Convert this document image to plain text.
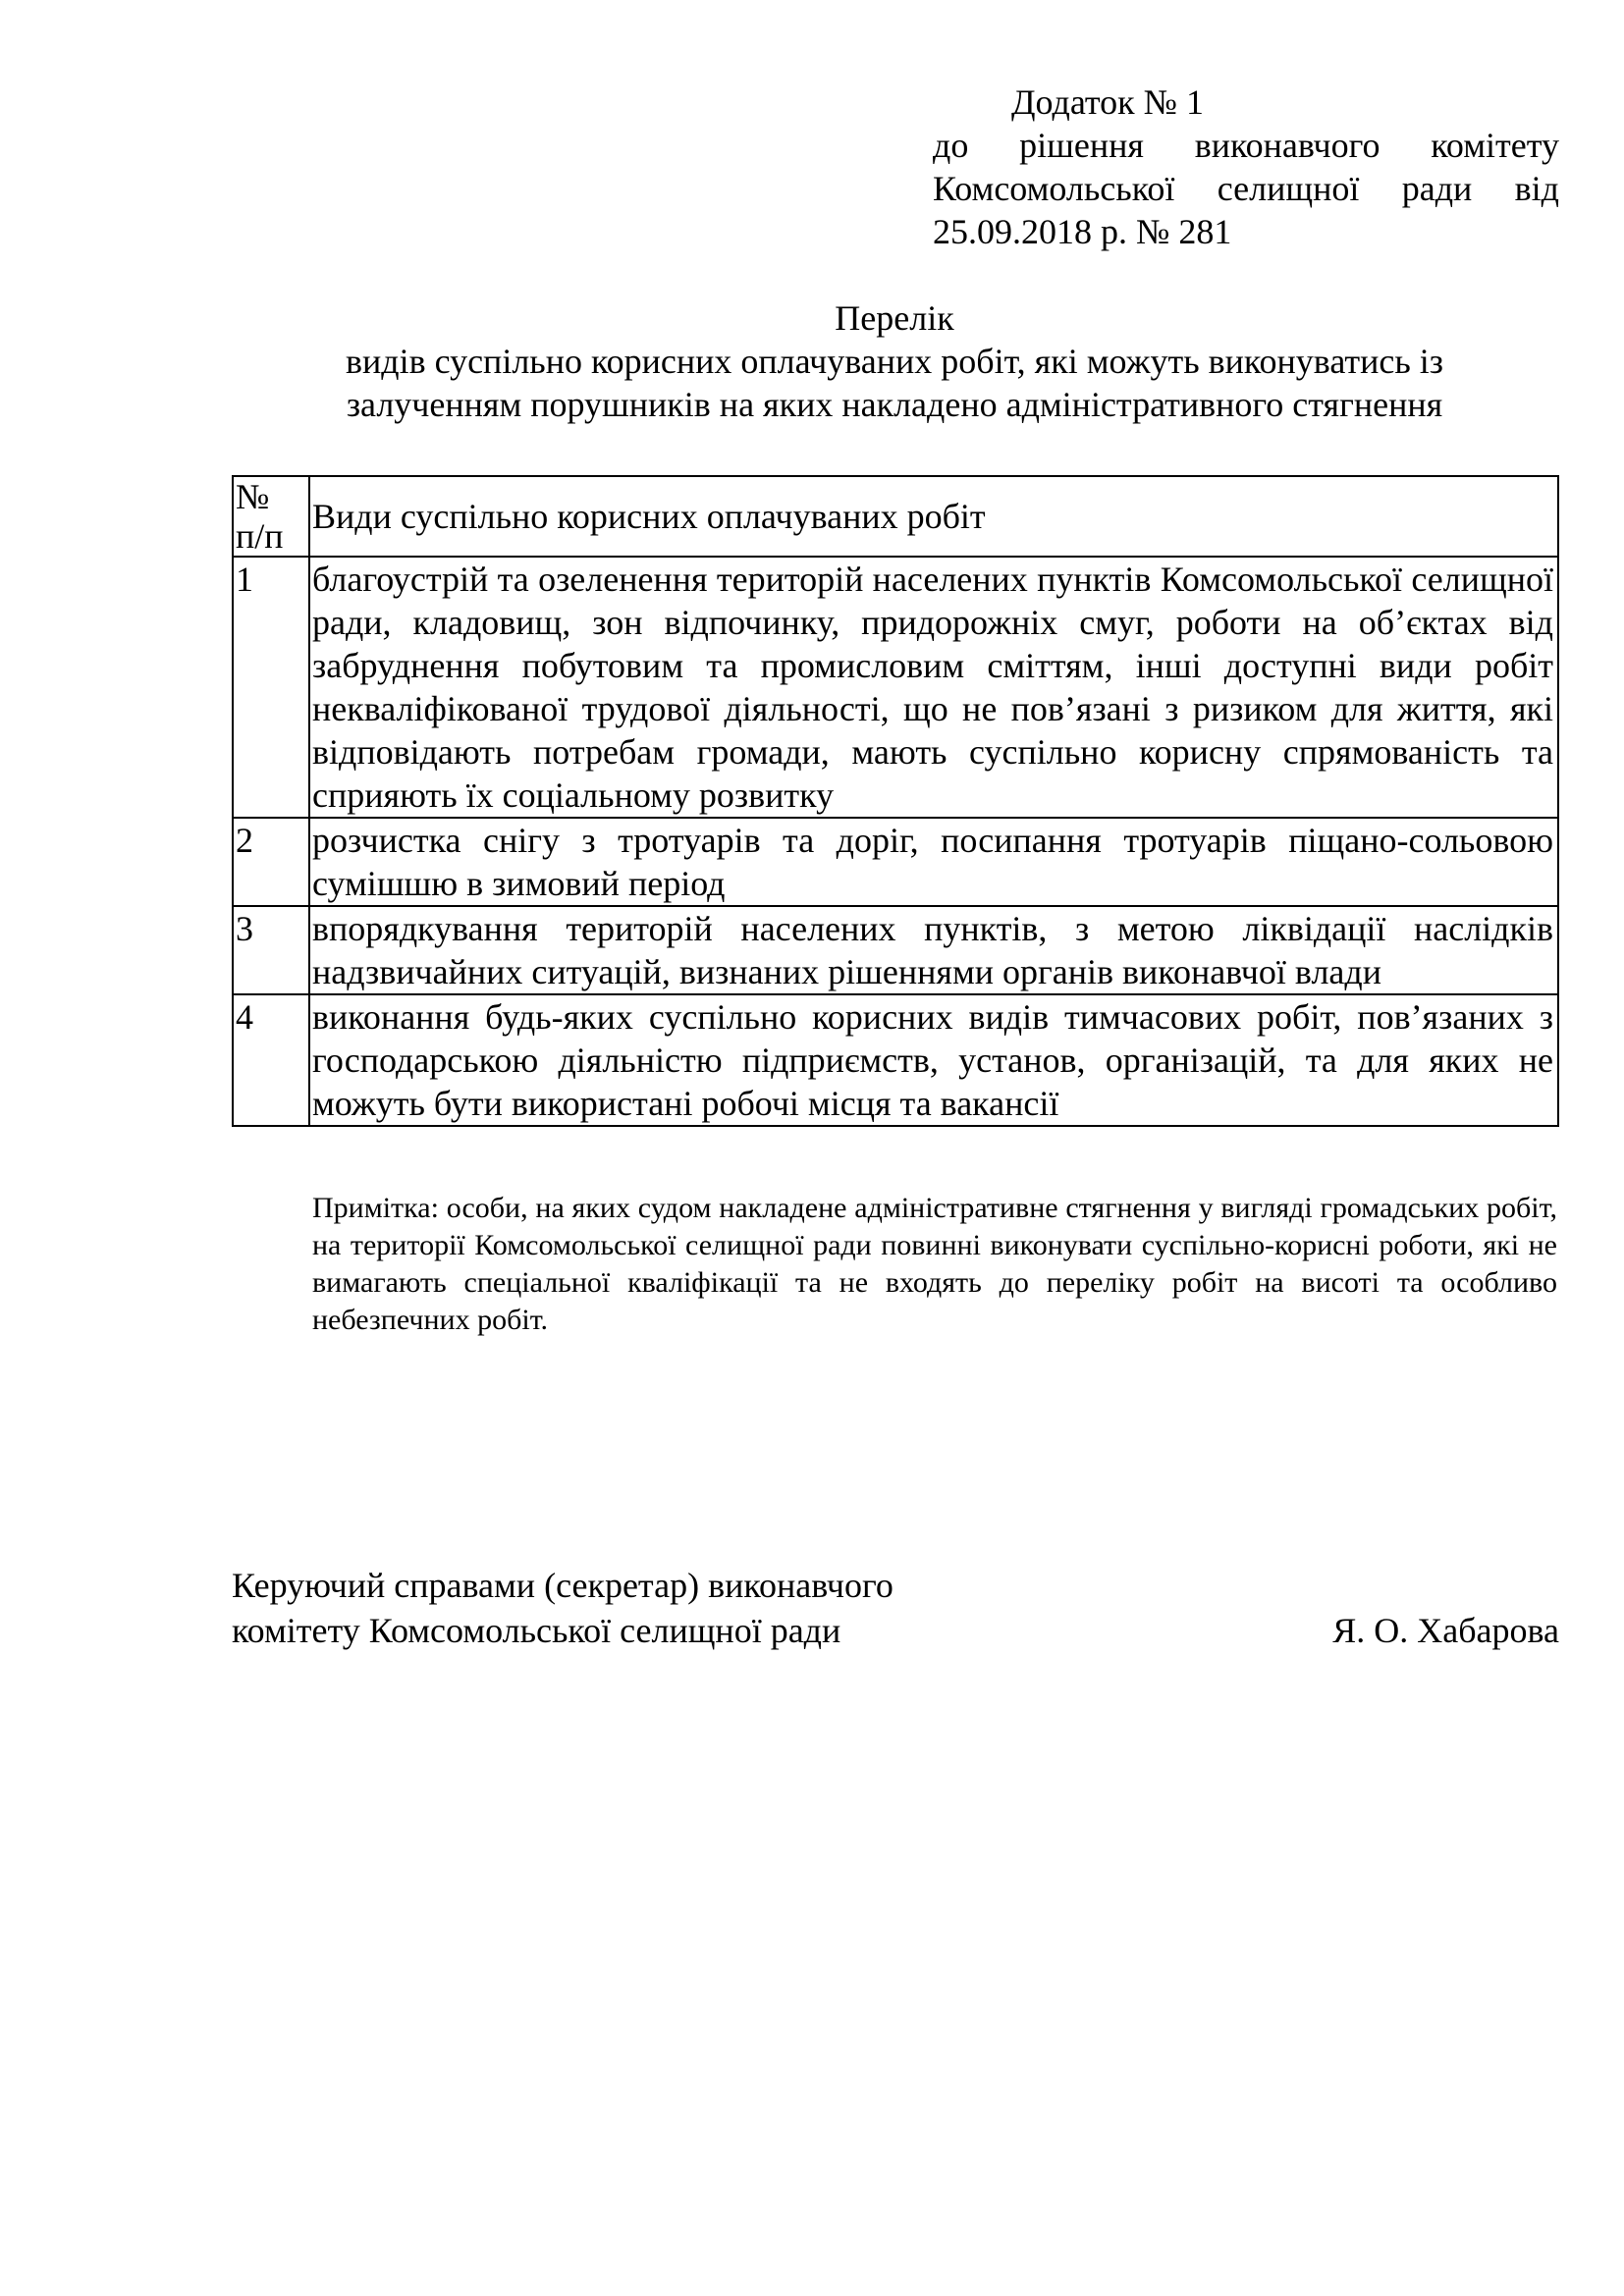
Додаток № 1
до рішення виконавчого комітету
Комсомольської селищної ради від
25.09.2018 р. № 281
Перелік
видів суспільно корисних оплачуваних робіт, які можуть виконуватись із
залученням порушників на яких накладено адміністративного стягнення
№ п/п	Види суспільно корисних оплачуваних робіт
1	благоустрій та озеленення територій населених пунктів Комсомольської селищної ради, кладовищ, зон відпочинку, придорожніх смуг, роботи на об’єктах від забруднення побутовим та промисловим сміттям, інші доступні види робіт некваліфікованої трудової діяльності, що не пов’язані з ризиком для життя, які відповідають потребам громади, мають суспільно корисну спрямованість та сприяють їх соціальному розвитку
2	розчистка снігу з тротуарів та доріг, посипання тротуарів піщано-сольовою сумішшю в зимовий період
3	впорядкування територій населених пунктів, з метою ліквідації наслідків надзвичайних ситуацій, визнаних рішеннями органів виконавчої влади
4	виконання будь-яких суспільно корисних видів тимчасових робіт, пов’язаних з господарською діяльністю підприємств, установ, організацій, та для яких не можуть бути використані робочі місця та вакансії
Примітка: особи, на яких судом накладене адміністративне стягнення у вигляді громадських робіт, на території Комсомольської селищної ради повинні виконувати суспільно-корисні роботи, які не вимагають спеціальної кваліфікації та не входять до переліку робіт на висоті та особливо небезпечних робіт.
Керуючий справами (секретар) виконавчого
комітету Комсомольської селищної ради	Я. О. Хабарова
